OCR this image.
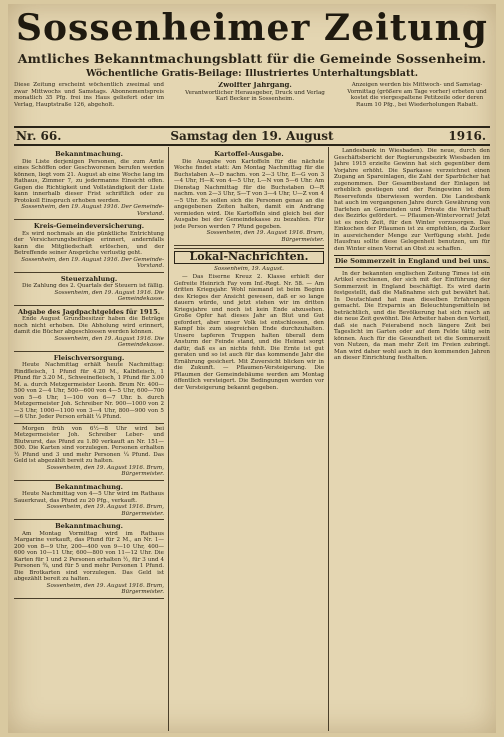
Sossenheimer Zeitung
Amtliches Bekanntmachungsblatt für die Gemeinde Sossenheim.
Wöchentliche Gratis-Beilage: Illustriertes Unterhaltungsblatt.
Diese Zeitung erscheint wöchentlich zweimal und zwar Mittwochs und Samstags. Abonnementspreis monatlich 35 Pfg. frei ins Haus geliefert oder im Verlag, Hauptstraße 126, abgeholt.
Zwölfter Jahrgang.
Verantwortlicher Herausgeber, Druck und Verlag Karl Becker in Sossenheim.
Anzeigen werden bis Mittwoch- und Samstag-Vormittag (größere am Tage vorher) erbeten und kostet die viergespaltene Petitzeile oder deren Raum 10 Pfg., bei Wiederholungen Rabatt.
Samstag den 19. August
Nr. 66.	1916.
Bekanntmachung.

Die Liste derjenigen Personen, die zum Amte eines Schöffen oder Geschworenen berufen werden können, liegt vom 21. August ab eine Woche lang im Rathaus, Zimmer 7, zu jedermanns Einsicht offen. Gegen die Richtigkeit und Vollständigkeit der Liste kann innerhalb dieser Frist schriftlich oder zu Protokoll Einspruch erhoben werden.

Sossenheim, den 19. August 1916. Der Gemeinde-Vorstand.
Kreis-Gemeindeversicherung.

Es wird nochmals an die pünktliche Entrichtung der Versicherungsbeiträge erinnert, andernfalls kann die Mitgliedschaft erlöschen, und der Betreffende seiner Ansprüche verlustig geht.

Sossenheim, den 19. August 1916. Der Gemeinde-Vorstand.
Steuerzahlung.

Die Zahlung des 2. Quartals der Steuern ist fällig.

Sossenheim, den 19. August 1916. Die Gemeindekasse.
Abgabe des Jagdpachtgeldes für 1915.

Ende August Grundbesitzer haben die Beträge noch nicht erhoben. Die Abholung wird erinnert, damit die Bücher abgeschlossen werden können.

Sossenheim, den 19. August 1916. Die Gemeindekasse.
Fleischversorgung.

Heute Nachmittag erhält heute Nachmittag: Rindfleisch, 1 Pfund für 4.20 M., Kalbfleisch, 1 Pfund für 3.20 M., Schweinefleisch, 1 Pfund für 3.00 M. a. durch Metzgermeister Leonh. Brum Nr. 400—500 von 2—4 Uhr, 500—600 von 4—5 Uhr, 600—700 von 5—6 Uhr, 1—100 von 6—7 Uhr. b. durch Metzgermeister Joh. Schreiber Nr. 900—1000 von 2—3 Uhr, 1000—1100 von 3—4 Uhr, 800—900 von 5—6 Uhr. Jeder Person erhält ¼ Pfund.

Morgen früh von 6½—8 Uhr wird bei Metzgermeister Joh. Schreiber Leber- und Blutwurst, das Pfund zu 1.80 verkauft an Nr. 151—500. Die Karten sind vorzulegen. Personen erhalten ½ Pfund und 3 und mehr Personen ¼ Pfund. Das Geld ist abgezählt bereit zu halten.

Sossenheim, den 19. August 1916. Brum, Bürgermeister.
Bekanntmachung.

Heute Nachmittag von 4—5 Uhr wird im Rathaus Sauerkraut, das Pfund zu 20 Pfg., verkauft.

Sossenheim, den 19. August 1916. Brum, Bürgermeister.
Bekanntmachung.

Am Montag Vormittag wird im Rathaus Margarine verkauft, das Pfund für 2 M., an Nr. 1—200 von 8—9 Uhr, 200—400 von 9—10 Uhr, 400—600 von 10—11 Uhr, 600—800 von 11—12 Uhr. Die Karten für 1 und 2 Personen erhalten ½, für 3 und 4 Personen ¾, und für 5 und mehr Personen 1 Pfund. Die Brotkarten sind vorzulegen. Das Geld ist abgezählt bereit zu halten.

Sossenheim, den 19. August 1916. Brum, Bürgermeister.
Kartoffel-Ausgabe.

Die Ausgabe von Kartoffeln für die nächste Woche findet statt: Am Montag Nachmittag für die Buchstaben A—D nachm. von 2—3 Uhr, E—G von 3—4 Uhr, H—K von 4—5 Uhr, L—N von 5—6 Uhr. Am Dienstag Nachmittag für die Buchstaben O—R nachm. von 2—3 Uhr, S—T von 3—4 Uhr, U—Z von 4—5 Uhr. Es sollen sich die Personen genau an die angegebenen Zeiten halten, damit ein Andrang vermieden wird. Die Kartoffeln sind gleich bei der Ausgabe bei der Gemeindekasse zu bezahlen. Für jede Person werden 7 Pfund gegeben.

Sossenheim, den 19. August 1916. Brum, Bürgermeister.
Lokal-Nachrichten.
Sossenheim, 19. August.

— Das Eiserne Kreuz 2. Klasse erhielt der Gefreite Heinrich Fay vom Inf.-Regt. Nr. 58. — Am dritten Kriegsjahr. Wohl niemand ist beim Beginn des Krieges der Ansicht gewesen, daß er so lange dauern würde, und jetzt stehen wir im dritten Kriegsjahre und noch ist kein Ende abzusehen. Große Opfer hat dieses Jahr an Blut und Gut gefordert, aber unser Volk ist entschlossen, den Kampf bis zum siegreichen Ende durchzuhalten. Unsere tapferen Truppen halten überall dem Ansturm der Feinde stand, und die Heimat sorgt dafür, daß es an nichts fehlt. Die Ernte ist gut geraten und so ist auch für das kommende Jahr die Ernährung gesichert. Mit Zuversicht blicken wir in die Zukunft. — Pflaumen-Versteigerung. Die Pflaumen der Gemeindebäume werden am Montag öffentlich versteigert. Die Bedingungen werden vor der Versteigerung bekannt gegeben.

Landesbank in Wiesbaden). Die neue, durch den Geschäftsbericht der Regierungsbezirk Wiesbaden im Jahre 1915 erzielte Gewinn hat sich gegenüber dem Vorjahre erhöht. Die Sparkasse verzeichnet einen Zugang an Spareinlagen, die Zahl der Sparbücher hat zugenommen. Der Gesamtbestand der Einlagen ist erheblich gestiegen und der Reingewinn ist dem Reservefonds überwiesen worden. Die Landesbank hat auch im vergangenen Jahre durch Gewährung von Darlehen an Gemeinden und Private die Wirtschaft des Bezirks gefördert. — Pflaumen-Wintervorrat! Jetzt ist es noch Zeit, für den Winter vorzusorgen. Das Einkochen der Pflaumen ist zu empfehlen, da Zucker in ausreichender Menge zur Verfügung steht. Jede Hausfrau sollte diese Gelegenheit benutzen, um für den Winter einen Vorrat an Obst zu schaffen.

Die Sommerzeit in England und bei uns.

In der bekannten englischen Zeitung Times ist ein Artikel erschienen, der sich mit der Einführung der Sommerzeit in England beschäftigt. Es wird darin festgestellt, daß die Maßnahme sich gut bewährt hat. In Deutschland hat man dieselben Erfahrungen gemacht. Die Ersparnis an Beleuchtungsmitteln ist beträchtlich, und die Bevölkerung hat sich rasch an die neue Zeit gewöhnt. Die Arbeiter haben den Vorteil, daß sie nach Feierabend noch längere Zeit bei Tageslicht im Garten oder auf dem Felde tätig sein können. Auch für die Gesundheit ist die Sommerzeit von Nutzen, da man mehr Zeit im Freien zubringt. Man wird daher wohl auch in den kommenden Jahren an dieser Einrichtung festhalten.
